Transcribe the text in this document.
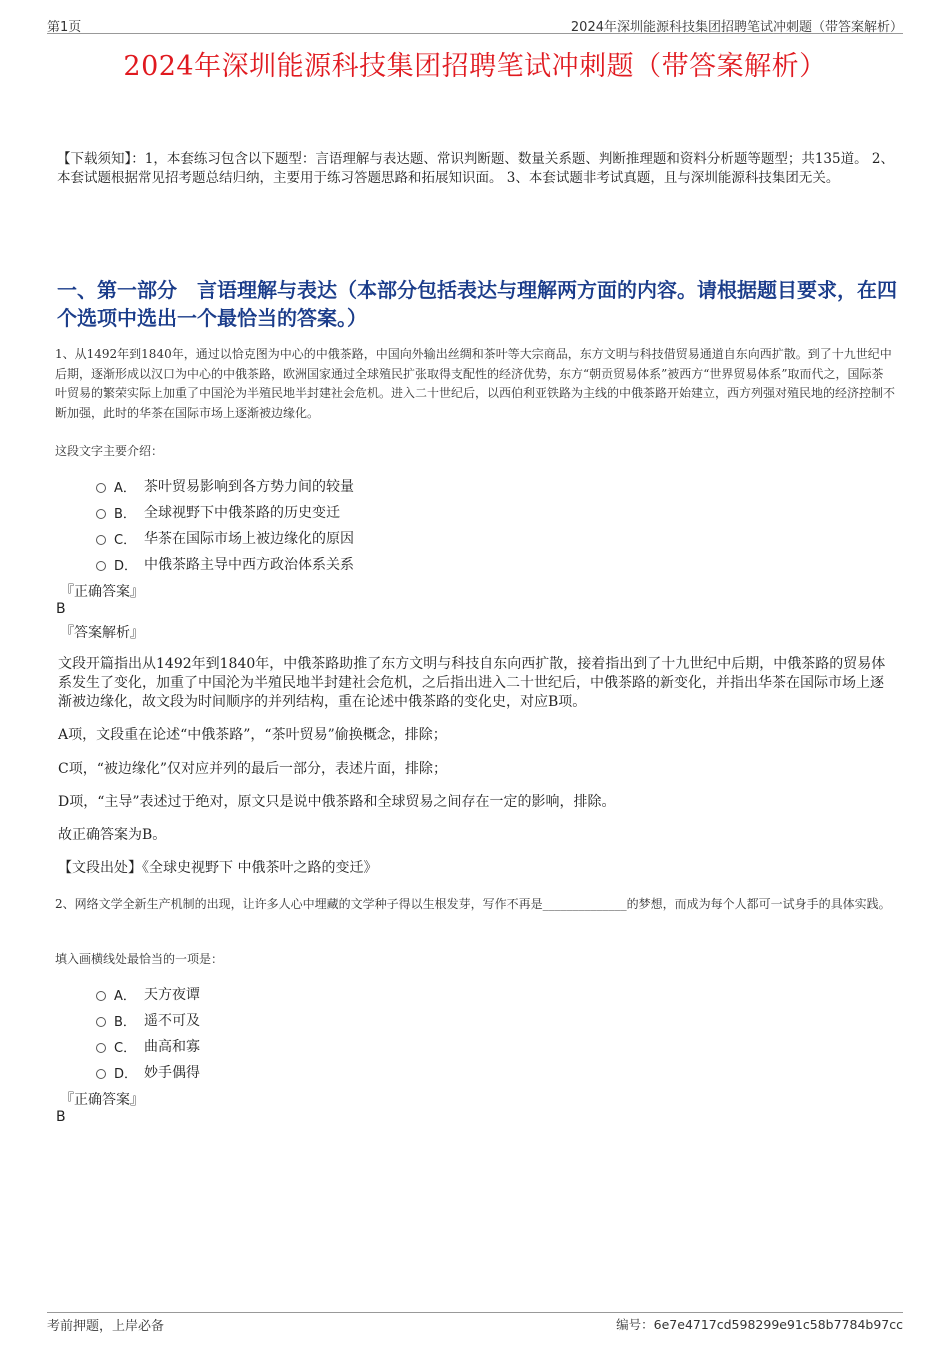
第1页	2024年深圳能源科技集团招聘笔试冲刺题（带答案解析）
2024年深圳能源科技集团招聘笔试冲刺题（带答案解析）

【下载须知】：1，本套练习包含以下题型：言语理解与表达题、常识判断题、数量关系题、判断推理题和资料分析题等题型；共135道。 2、本套试题根据常见招考题总结归纳，主要用于练习答题思路和拓展知识面。 3、本套试题非考试真题，且与深圳能源科技集团无关。

一、第一部分　言语理解与表达（本部分包括表达与理解两方面的内容。请根据题目要求，在四个选项中选出一个最恰当的答案。）

1、从1492年到1840年，通过以恰克图为中心的中俄茶路，中国向外输出丝绸和茶叶等大宗商品，东方文明与科技借贸易通道自东向西扩散。到了十九世纪中后期，逐渐形成以汉口为中心的中俄茶路，欧洲国家通过全球殖民扩张取得支配性的经济优势，东方“朝贡贸易体系”被西方“世界贸易体系”取而代之，国际茶叶贸易的繁荣实际上加重了中国沦为半殖民地半封建社会危机。进入二十世纪后，以西伯利亚铁路为主线的中俄茶路开始建立，西方列强对殖民地的经济控制不断加强，此时的华茶在国际市场上逐渐被边缘化。

这段文字主要介绍：

A． 茶叶贸易影响到各方势力间的较量
B． 全球视野下中俄茶路的历史变迁
C． 华茶在国际市场上被边缘化的原因
D． 中俄茶路主导中西方政治体系关系

『正确答案』

B

『答案解析』

文段开篇指出从1492年到1840年，中俄茶路助推了东方文明与科技自东向西扩散，接着指出到了十九世纪中后期，中俄茶路的贸易体系发生了变化，加重了中国沦为半殖民地半封建社会危机，之后指出进入二十世纪后，中俄茶路的新变化，并指出华茶在国际市场上逐渐被边缘化，故文段为时间顺序的并列结构，重在论述中俄茶路的变化史，对应B项。

A项，文段重在论述“中俄茶路”，“茶叶贸易”偷换概念，排除；

C项，“被边缘化”仅对应并列的最后一部分，表述片面，排除；

D项，“主导”表述过于绝对，原文只是说中俄茶路和全球贸易之间存在一定的影响，排除。

故正确答案为B。

【文段出处】《全球史视野下 中俄茶叶之路的变迁》

2、网络文学全新生产机制的出现，让许多人心中埋藏的文学种子得以生根发芽，写作不再是______________的梦想，而成为每个人都可一试身手的具体实践。

填入画横线处最恰当的一项是：

A． 天方夜谭
B． 遥不可及
C． 曲高和寡
D． 妙手偶得

『正确答案』

B

考前押题，上岸必备	编号：6e7e4717cd598299e91c58b7784b97cc
